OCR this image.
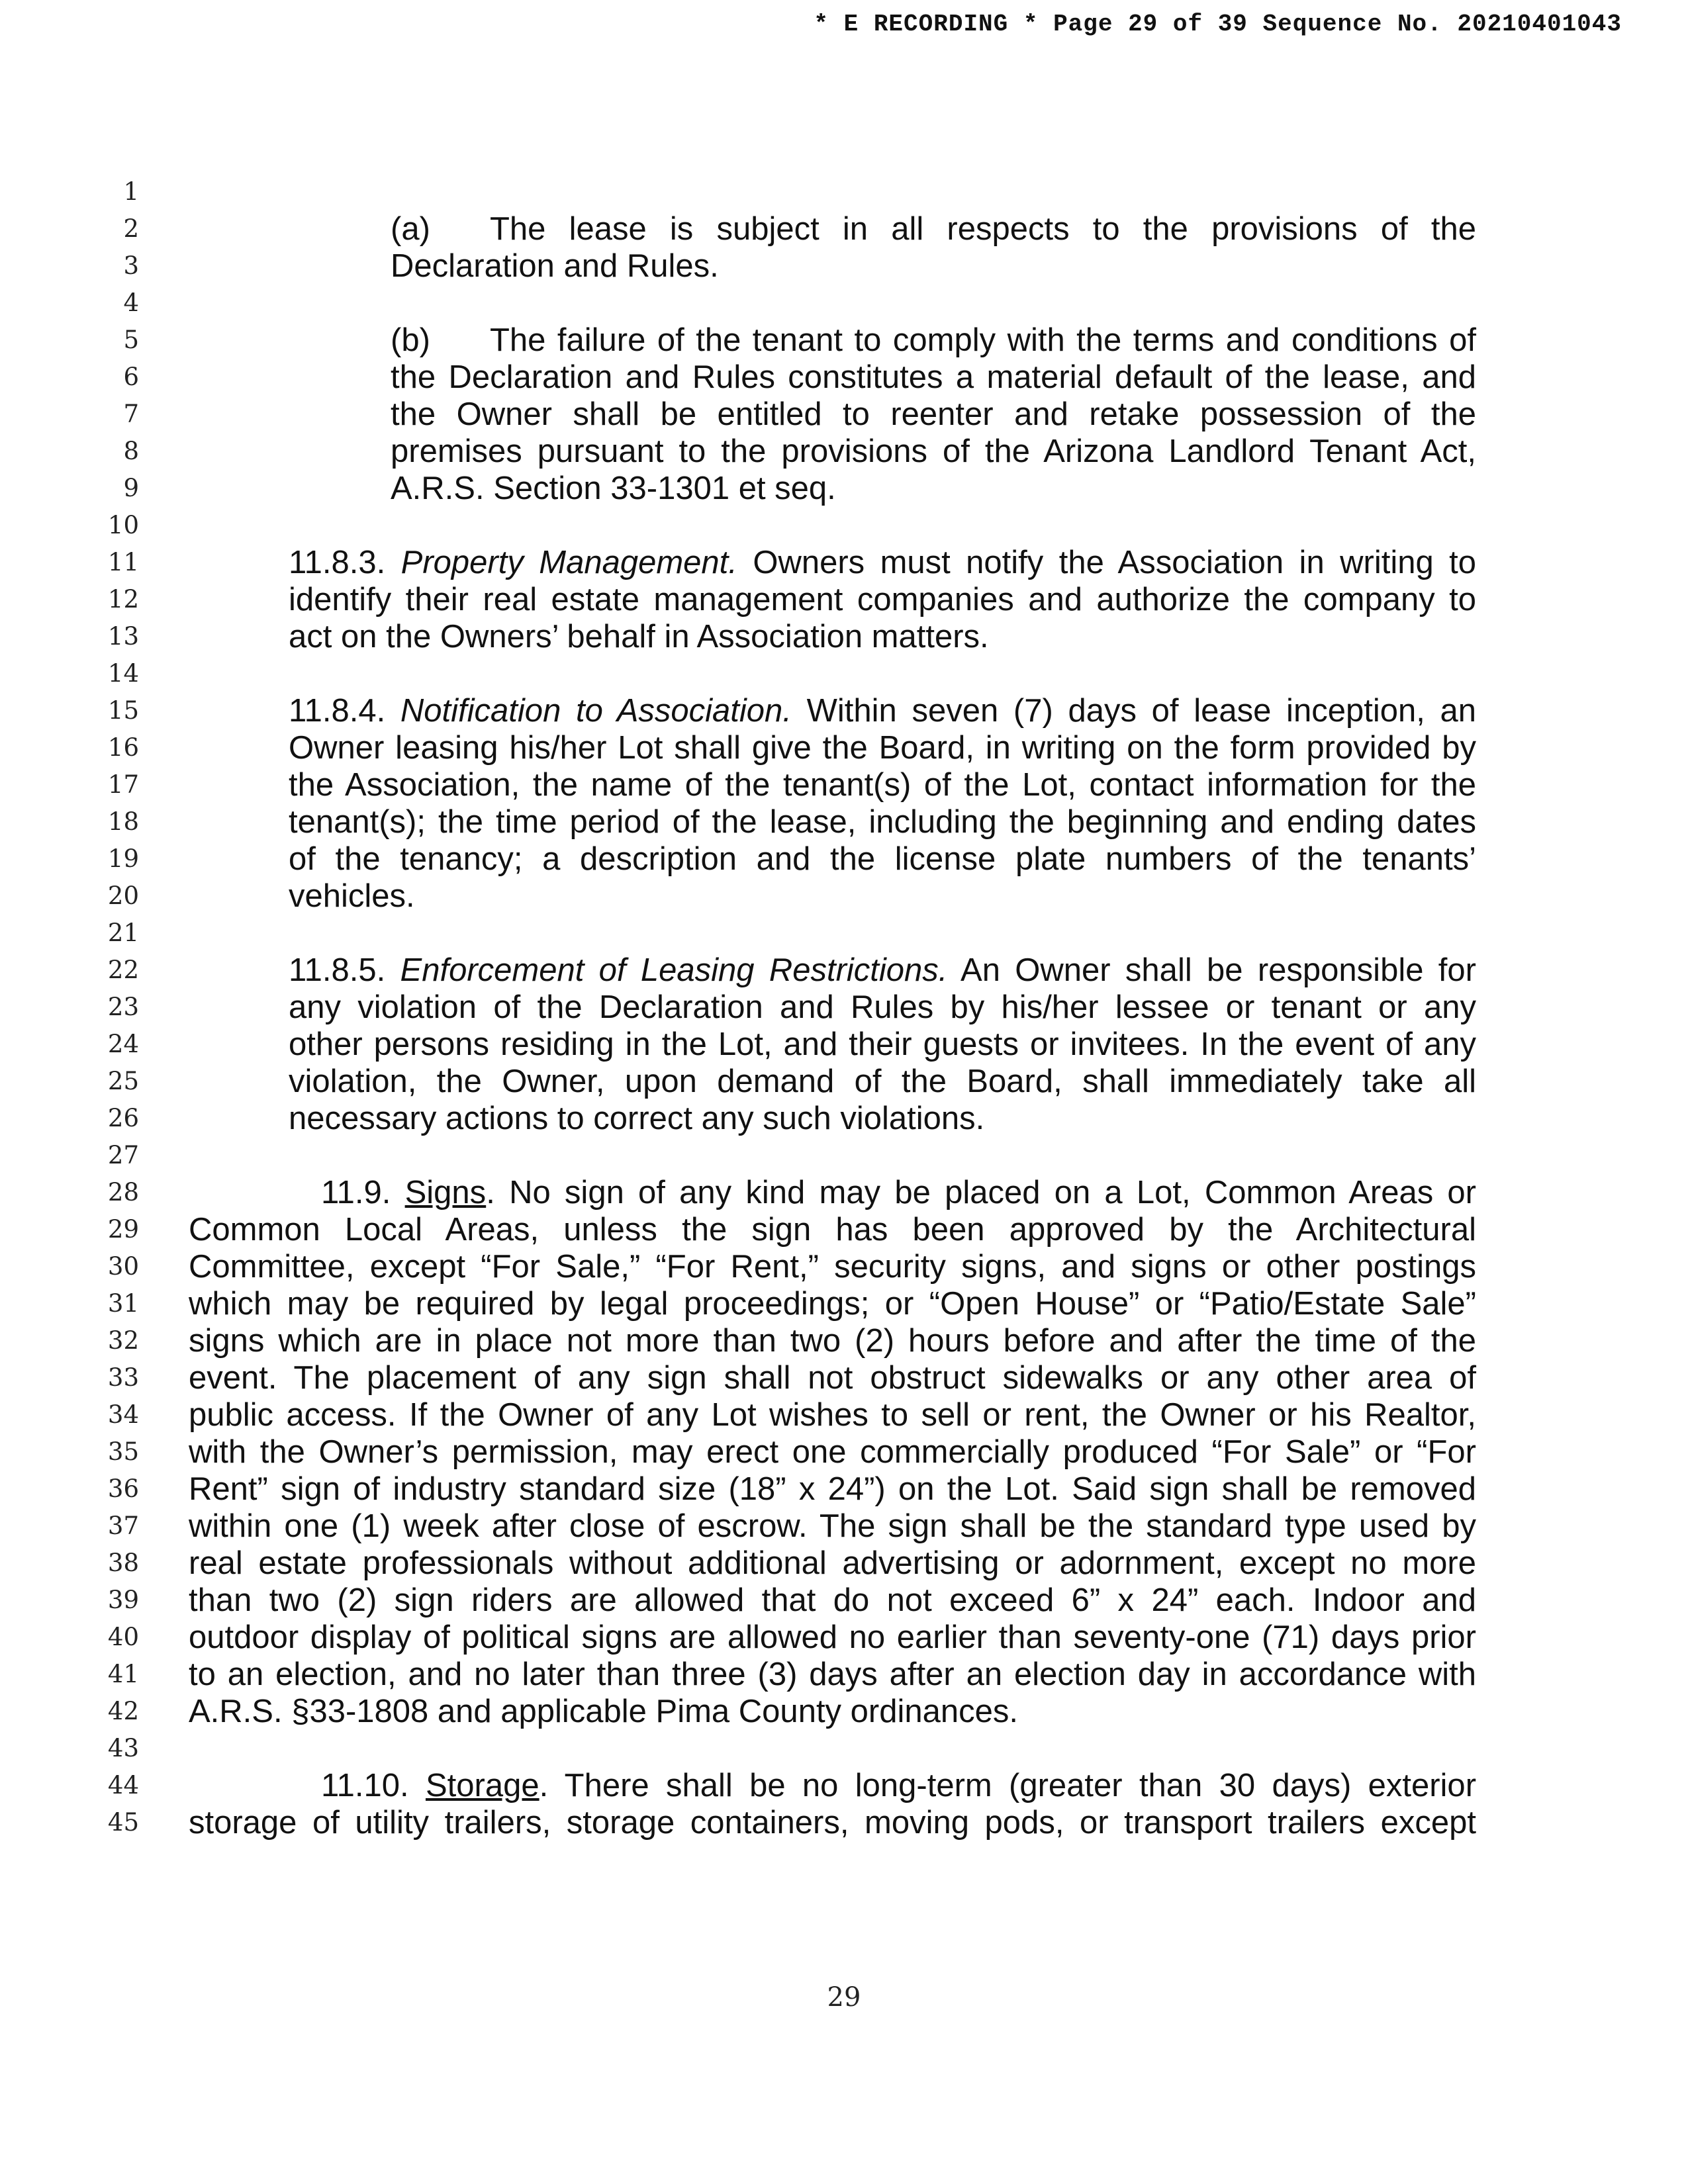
* E RECORDING * Page 29 of 39 Sequence No. 20210401043
1
2
3
4
5
6
7
8
9
10
11
12
13
14
15
16
17
18
19
20
21
22
23
24
25
26
27
28
29
30
31
32
33
34
35
36
37
38
39
40
41
42
43
44
45
(a) The lease is subject in all respects to the provisions of the
Declaration and Rules.
(b) The failure of the tenant to comply with the terms and conditions of
the Declaration and Rules constitutes a material default of the lease, and
the Owner shall be entitled to reenter and retake possession of the
premises pursuant to the provisions of the Arizona Landlord Tenant Act,
A.R.S. Section 33-1301 et seq.
11.8.3. Property Management. Owners must notify the Association in writing to
identify their real estate management companies and authorize the company to
act on the Owners’ behalf in Association matters.
11.8.4. Notification to Association. Within seven (7) days of lease inception, an
Owner leasing his/her Lot shall give the Board, in writing on the form provided by
the Association, the name of the tenant(s) of the Lot, contact information for the
tenant(s); the time period of the lease, including the beginning and ending dates
of the tenancy; a description and the license plate numbers of the tenants’
vehicles.
11.8.5. Enforcement of Leasing Restrictions. An Owner shall be responsible for
any violation of the Declaration and Rules by his/her lessee or tenant or any
other persons residing in the Lot, and their guests or invitees. In the event of any
violation, the Owner, upon demand of the Board, shall immediately take all
necessary actions to correct any such violations.
11.9. Signs. No sign of any kind may be placed on a Lot, Common Areas or
Common Local Areas, unless the sign has been approved by the Architectural
Committee, except “For Sale,” “For Rent,” security signs, and signs or other postings
which may be required by legal proceedings; or “Open House” or “Patio/Estate Sale”
signs which are in place not more than two (2) hours before and after the time of the
event. The placement of any sign shall not obstruct sidewalks or any other area of
public access. If the Owner of any Lot wishes to sell or rent, the Owner or his Realtor,
with the Owner’s permission, may erect one commercially produced “For Sale” or “For
Rent” sign of industry standard size (18” x 24”) on the Lot. Said sign shall be removed
within one (1) week after close of escrow. The sign shall be the standard type used by
real estate professionals without additional advertising or adornment, except no more
than two (2) sign riders are allowed that do not exceed 6” x 24” each. Indoor and
outdoor display of political signs are allowed no earlier than seventy-one (71) days prior
to an election, and no later than three (3) days after an election day in accordance with
A.R.S. §33-1808 and applicable Pima County ordinances.
11.10. Storage. There shall be no long-term (greater than 30 days) exterior
storage of utility trailers, storage containers, moving pods, or transport trailers except
29
